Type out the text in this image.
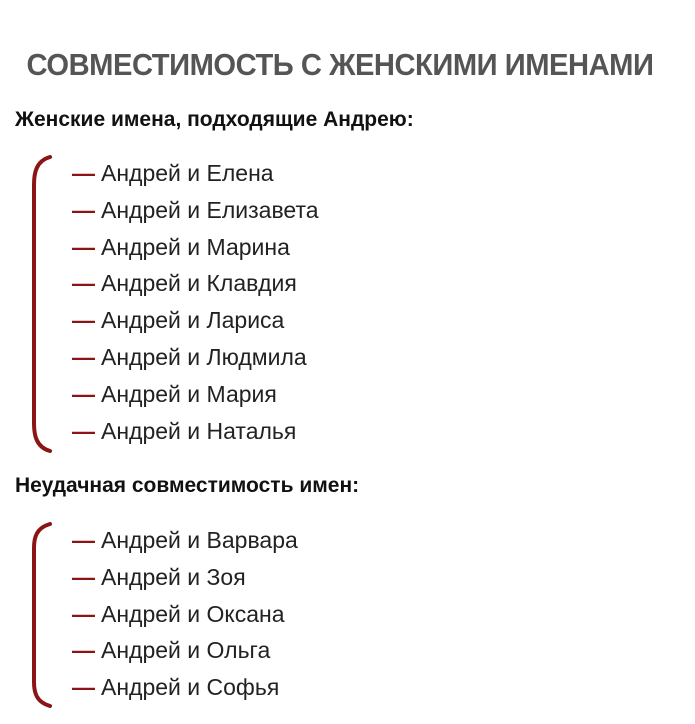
СОВМЕСТИМОСТЬ С ЖЕНСКИМИ ИМЕНАМИ
Женские имена, подходящие Андрею:
— Андрей и Елена
— Андрей и Елизавета
— Андрей и Марина
— Андрей и Клавдия
— Андрей и Лариса
— Андрей и Людмила
— Андрей и Мария
— Андрей и Наталья
Неудачная совместимость имен:
— Андрей и Варвара
— Андрей и Зоя
— Андрей и Оксана
— Андрей и Ольга
— Андрей и Софья
